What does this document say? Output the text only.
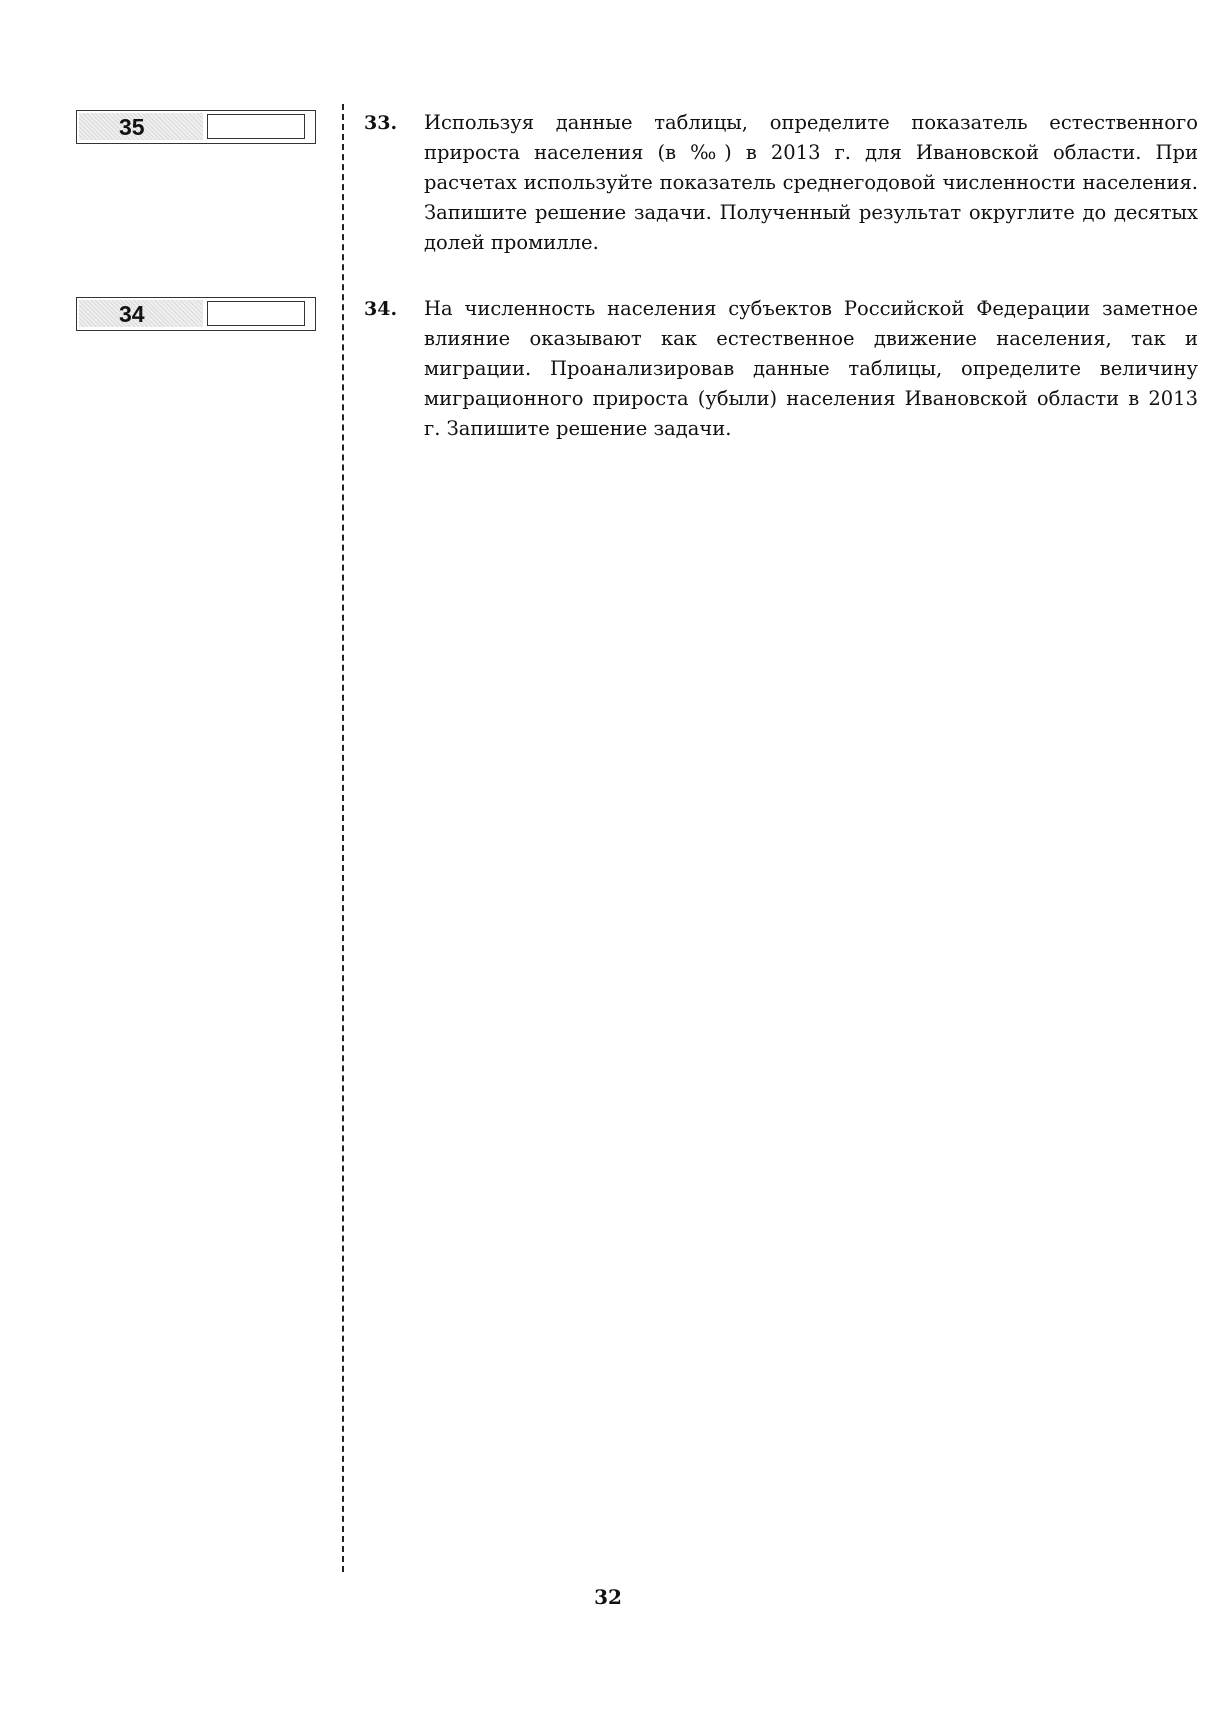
35
34
33. Используя данные таблицы, определите показатель естественного прироста населения (в ‰) в 2013 г. для Ивановской области. При расчетах используйте показатель среднегодовой численности населения. Запишите решение задачи. Полученный результат округлите до десятых долей промилле.
34. На численность населения субъектов Российской Федерации заметное влияние оказывают как естественное движение населения, так и миграции. Проанализировав данные таблицы, определите величину миграционного прироста (убыли) населения Ивановской области в 2013 г. Запишите решение задачи.
32
